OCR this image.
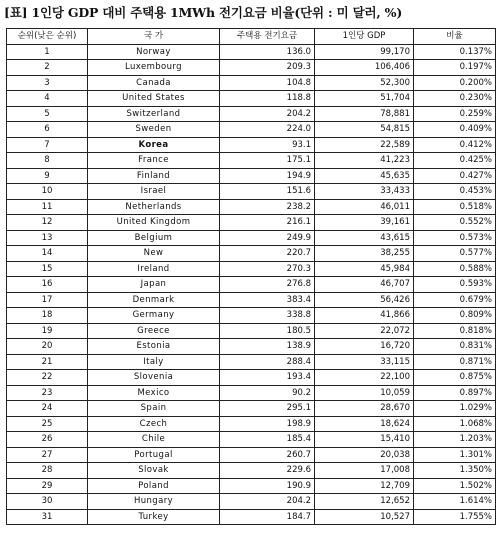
[표] 1인당 GDP 대비 주택용 1MWh 전기요금 비율(단위 : 미 달러, %)
순위(낮은 순위)	국 가	주택용 전기요금	1인당 GDP	비율
1	Norway	136.0	99,170	0.137%
2	Luxembourg	209.3	106,406	0.197%
3	Canada	104.8	52,300	0.200%
4	United States	118.8	51,704	0.230%
5	Switzerland	204.2	78,881	0.259%
6	Sweden	224.0	54,815	0.409%
7	Korea	93.1	22,589	0.412%
8	France	175.1	41,223	0.425%
9	Finland	194.9	45,635	0.427%
10	Israel	151.6	33,433	0.453%
11	Netherlands	238.2	46,011	0.518%
12	United Kingdom	216.1	39,161	0.552%
13	Belgium	249.9	43,615	0.573%
14	New	220.7	38,255	0.577%
15	Ireland	270.3	45,984	0.588%
16	Japan	276.8	46,707	0.593%
17	Denmark	383.4	56,426	0.679%
18	Germany	338.8	41,866	0.809%
19	Greece	180.5	22,072	0.818%
20	Estonia	138.9	16,720	0.831%
21	Italy	288.4	33,115	0.871%
22	Slovenia	193.4	22,100	0.875%
23	Mexico	90.2	10,059	0.897%
24	Spain	295.1	28,670	1.029%
25	Czech	198.9	18,624	1.068%
26	Chile	185.4	15,410	1.203%
27	Portugal	260.7	20,038	1.301%
28	Slovak	229.6	17,008	1.350%
29	Poland	190.9	12,709	1.502%
30	Hungary	204.2	12,652	1.614%
31	Turkey	184.7	10,527	1.755%
